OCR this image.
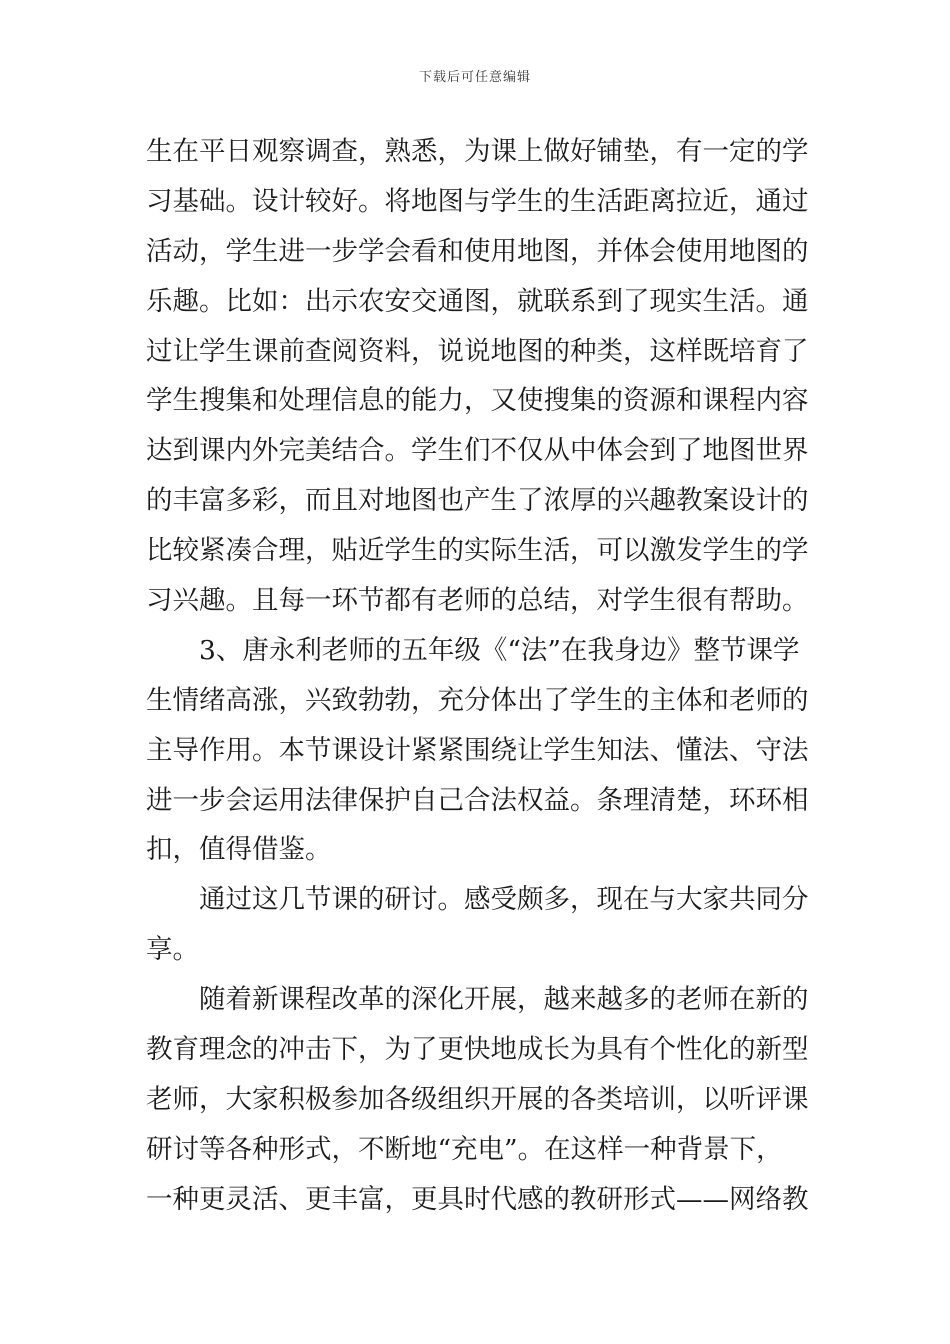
下载后可任意编辑
生在平日观察调查，熟悉，为课上做好铺垫，有一定的学
习基础。设计较好。将地图与学生的生活距离拉近，通过
活动，学生进一步学会看和使用地图，并体会使用地图的
乐趣。比如：出示农安交通图，就联系到了现实生活。通
过让学生课前查阅资料，说说地图的种类，这样既培育了
学生搜集和处理信息的能力，又使搜集的资源和课程内容
达到课内外完美结合。学生们不仅从中体会到了地图世界
的丰富多彩，而且对地图也产生了浓厚的兴趣教案设计的
比较紧凑合理，贴近学生的实际生活，可以激发学生的学
习兴趣。且每一环节都有老师的总结，对学生很有帮助。
3、唐永利老师的五年级《“法”在我身边》整节课学
生情绪高涨，兴致勃勃，充分体出了学生的主体和老师的
主导作用。本节课设计紧紧围绕让学生知法、懂法、守法
进一步会运用法律保护自己合法权益。条理清楚，环环相
扣，值得借鉴。
通过这几节课的研讨。感受颇多，现在与大家共同分
享。
随着新课程改革的深化开展，越来越多的老师在新的
教育理念的冲击下，为了更快地成长为具有个性化的新型
老师，大家积极参加各级组织开展的各类培训，以听评课
研讨等各种形式，不断地“充电”。在这样一种背景下，
一种更灵活、更丰富，更具时代感的教研形式——网络教
